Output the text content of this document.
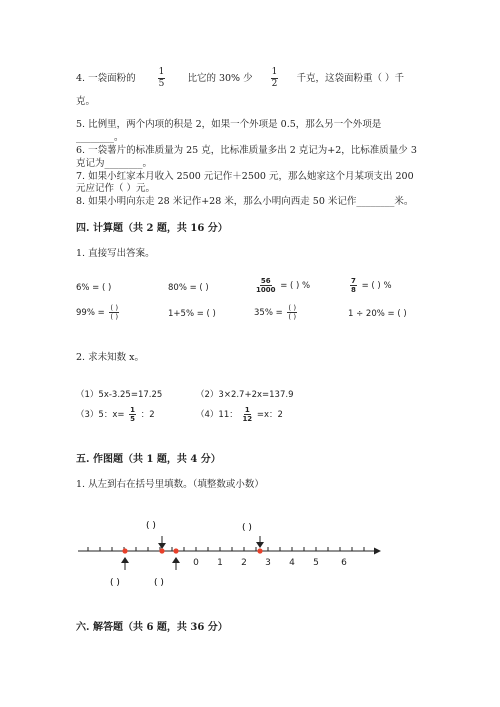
4. 一袋面粉的 $\frac{1}{5}$ 比它的 30% 少 $\frac{1}{2}$ 千克，这袋面粉重（ ）千
克。
5. 比例里，两个内项的积是 2，如果一个外项是 0.5，那么另一个外项是
________。
6. 一袋薯片的标准质量为 25 克，比标准质量多出 2 克记为+2，比标准质量少 3
克记为________。
7. 如果小红家本月收入 2500 元记作＋2500 元，那么她家这个月某项支出 200
元应记作（ ）元。
8. 如果小明向东走 28 米记作+28 米，那么小明向西走 50 米记作________米。
四. 计算题（共 2 题，共 16 分）
1. 直接写出答案。
6% = ( )	80% = ( )	$\frac{56}{1000}$ = ( ) %	$\frac{7}{8}$ = ( ) %
$99\% = \frac{( )}{( )}$	1+5% = ( )	$35\% = \frac{( )}{( )}$	1 ÷ 20% = ( )
2. 求未知数 x。
（1）5x-3.25=17.25	（2）3×2.7+2x=137.9
（3）5：$x= \frac{1}{5}$ ：2	（4）11： $\frac{1}{12} =x$：2
五. 作图题（共 1 题，共 4 分）
1. 从左到右在括号里填数。（填整数或小数）
( )	( )
0 1 2 3 4 5 6
( )	( )
六. 解答题（共 6 题，共 36 分）
